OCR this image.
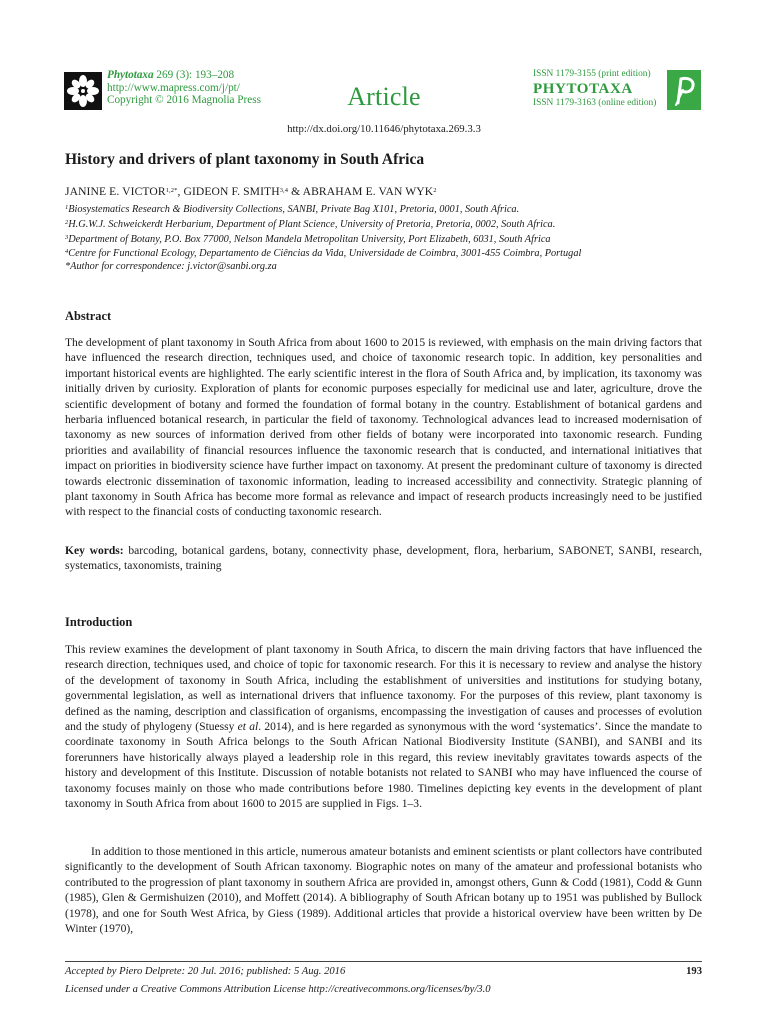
Phytotaxa 269 (3): 193–208
http://www.mapress.com/j/pt/
Copyright © 2016 Magnolia Press	Article
ISSN 1179-3155 (print edition)
PHYTOTAXA
ISSN 1179-3163 (online edition)
http://dx.doi.org/10.11646/phytotaxa.269.3.3
History and drivers of plant taxonomy in South Africa
JANINE E. $VICTOR^{1,2*}$, GIDEON F. SMITH$^{3,4}$ & ABRAHAM E. VAN WYK$^2$
$^1$Biosystematics Research & Biodiversity Collections, SANBI, Private Bag X101, Pretoria, 0001, South Africa.
$^2$H.G.W.J. Schweickerdt Herbarium, Department of Plant Science, University of Pretoria, Pretoria, 0002, South Africa.
$^3$Department of Botany, P.O. Box 77000, Nelson Mandela Metropolitan University, Port Elizabeth, 6031, South Africa
$^4$Centre for Functional Ecology, Departamento de Ciências da Vida, Universidade de Coimbra, 3001-455 Coimbra, Portugal
*Author for correspondence: j.victor@sanbi.org.za
Abstract

The development of plant taxonomy in South Africa from about 1600 to 2015 is reviewed, with emphasis on the main driving factors that have influenced the research direction, techniques used, and choice of taxonomic research topic. In addition, key personalities and important historical events are highlighted. The early scientific interest in the flora of South Africa and, by implication, its taxonomy was initially driven by curiosity. Exploration of plants for economic purposes especially for medicinal use and later, agriculture, drove the scientific development of botany and formed the foundation of formal botany in the country. Establishment of botanical gardens and herbaria influenced botanical research, in particular the field of taxonomy. Technological advances lead to increased modernisation of taxonomy as new sources of information derived from other fields of botany were incorporated into taxonomic research. Funding priorities and availability of financial resources influence the taxonomic research that is conducted, and international initiatives that impact on priorities in biodiversity science have further impact on taxonomy. At present the predominant culture of taxonomy is directed towards electronic dissemination of taxonomic information, leading to increased accessibility and connectivity. Strategic planning of plant taxonomy in South Africa has become more formal as relevance and impact of research products increasingly need to be justified with respect to the financial costs of conducting taxonomic research.

Key words: barcoding, botanical gardens, botany, connectivity phase, development, flora, herbarium, SABONET, SANBI, research, systematics, taxonomists, training
Introduction

This review examines the development of plant taxonomy in South Africa, to discern the main driving factors that have influenced the research direction, techniques used, and choice of topic for taxonomic research. For this it is necessary to review and analyse the history of the development of taxonomy in South Africa, including the establishment of universities and institutions for studying botany, governmental legislation, as well as international drivers that influence taxonomy. For the purposes of this review, plant taxonomy is defined as the naming, description and classification of organisms, encompassing the investigation of causes and processes of evolution and the study of phylogeny (Stuessy et al. 2014), and is here regarded as synonymous with the word ‘systematics’. Since the mandate to coordinate taxonomy in South Africa belongs to the South African National Biodiversity Institute (SANBI), and SANBI and its forerunners have historically always played a leadership role in this regard, this review inevitably gravitates towards aspects of the history and development of this Institute. Discussion of notable botanists not related to SANBI who may have influenced the course of taxonomy focuses mainly on those who made contributions before 1980. Timelines depicting key events in the development of plant taxonomy in South Africa from about 1600 to 2015 are supplied in Figs. 1–3.

In addition to those mentioned in this article, numerous amateur botanists and eminent scientists or plant collectors have contributed significantly to the development of South African taxonomy. Biographic notes on many of the amateur and professional botanists who contributed to the progression of plant taxonomy in southern Africa are provided in, amongst others, Gunn & Codd (1981), Codd & Gunn (1985), Glen & Germishuizen (2010), and Moffett (2014). A bibliography of South African botany up to 1951 was published by Bullock (1978), and one for South West Africa, by Giess (1989). Additional articles that provide a historical overview have been written by De Winter (1970),

Accepted by Piero Delprete: 20 Jul. 2016; published: 5 Aug. 2016	193
Licensed under a Creative Commons Attribution License http://creativecommons.org/licenses/by/3.0
